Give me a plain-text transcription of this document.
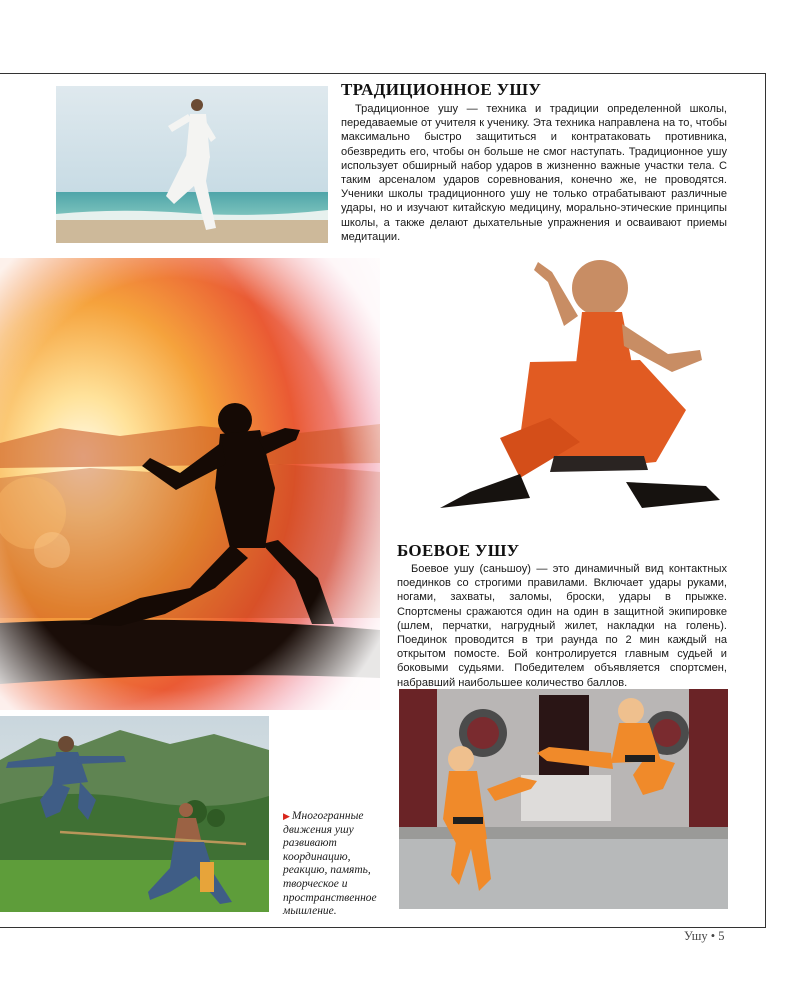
ТРАДИЦИОННОЕ УШУ

Традиционное ушу — техника и традиции определенной школы, передаваемые от учителя к ученику. Эта техника направлена на то, чтобы максимально быстро защититься и контратаковать противника, обезвредить его, чтобы он больше не смог наступать. Традиционное ушу использует обширный набор ударов в жизненно важные участки тела. С таким арсеналом ударов соревнования, конечно же, не проводятся. Ученики школы традиционного ушу не только отрабатывают различные удары, но и изучают китайскую медицину, морально-этические принципы школы, а также делают дыхательные упражнения и осваивают приемы медитации.

БОЕВОЕ УШУ

Боевое ушу (саньшоу) — это динамичный вид контактных поединков со строгими правилами. Включает удары руками, ногами, захваты, заломы, броски, удары в прыжке. Спортсмены сражаются один на один в защитной экипировке (шлем, перчатки, нагрудный жилет, накладки на голень). Поединок проводится в три раунда по 2 мин каждый на открытом помосте. Бой контролируется главным судьей и боковыми судьями. Победителем объявляется спортсмен, набравший наибольшее количество баллов.

▶ Многогранные движения ушу развивают координацию, реакцию, память, творческое и пространственное мышление.

Ушу • 5
